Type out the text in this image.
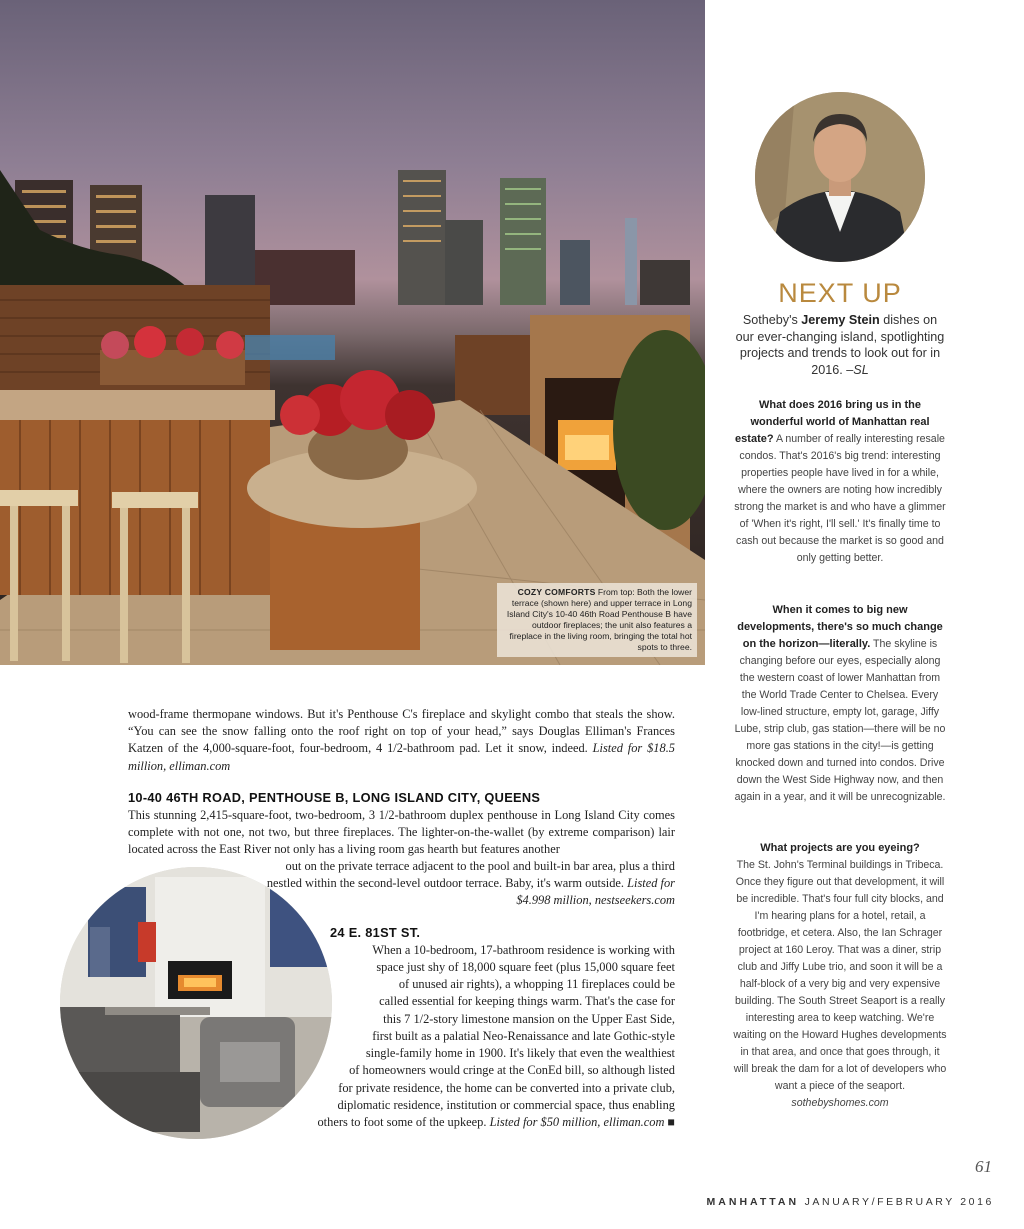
COZY COMFORTS From top: Both the lower terrace (shown here) and upper terrace in Long Island City's 10-40 46th Road Penthouse B have outdoor fireplaces; the unit also features a fireplace in the living room, bringing the total hot spots to three.
wood-frame thermopane windows. But it's Penthouse C's fireplace and skylight combo that steals the show. “You can see the snow falling onto the roof right on top of your head,” says Douglas Elliman's Frances Katzen of the 4,000-square-foot, four-bedroom, 4 1/2-bathroom pad. Let it snow, indeed. Listed for $18.5 million, elliman.com
10-40 46TH ROAD, PENTHOUSE B, LONG ISLAND CITY, QUEENS
This stunning 2,415-square-foot, two-bedroom, 3 1/2-bathroom duplex penthouse in Long Island City comes complete with not one, not two, but three fireplaces. The lighter-on-the-wallet (by extreme comparison) lair located across the East River not only has a living room gas hearth but features another
out on the private terrace adjacent to the pool and built-in bar area, plus a third nestled within the second-level outdoor terrace. Baby, it's warm outside. Listed for $4.998 million, nestseekers.com
24 E. 81ST ST.
When a 10-bedroom, 17-bathroom residence is working with
space just shy of 18,000 square feet (plus 15,000 square feet
of unused air rights), a whopping 11 fireplaces could be
called essential for keeping things warm. That's the case for
this 7 1/2-story limestone mansion on the Upper East Side,
first built as a palatial Neo-Renaissance and late Gothic-style
single-family home in 1900. It's likely that even the wealthiest
of homeowners would cringe at the ConEd bill, so although listed
for private residence, the home can be converted into a private club,
diplomatic residence, institution or commercial space, thus enabling
others to foot some of the upkeep. Listed for $50 million, elliman.com ■
NEXT UP
Sotheby's Jeremy Stein dishes on our ever-changing island, spotlighting projects and trends to look out for in 2016. –SL
What does 2016 bring us in the wonderful world of Manhattan real estate? A number of really interesting resale condos. That's 2016's big trend: interesting properties people have lived in for a while, where the owners are noting how incredibly strong the market is and who have a glimmer of 'When it's right, I'll sell.' It's finally time to cash out because the market is so good and only getting better.
When it comes to big new developments, there's so much change on the horizon—literally. The skyline is changing before our eyes, especially along the western coast of lower Manhattan from the World Trade Center to Chelsea. Every low-lined structure, empty lot, garage, Jiffy Lube, strip club, gas station—there will be no more gas stations in the city!—is getting knocked down and turned into condos. Drive down the West Side Highway now, and then again in a year, and it will be unrecognizable.
What projects are you eyeing?
The St. John's Terminal buildings in Tribeca. Once they figure out that development, it will be incredible. That's four full city blocks, and I'm hearing plans for a hotel, retail, a footbridge, et cetera. Also, the Ian Schrager project at 160 Leroy. That was a diner, strip club and Jiffy Lube trio, and soon it will be a half-block of a very big and very expensive building. The South Street Seaport is a really interesting area to keep watching. We're waiting on the Howard Hughes developments in that area, and once that goes through, it will break the dam for a lot of developers who want a piece of the seaport. sothebyshomes.com
61
MANHATTAN JANUARY/FEBRUARY 2016
